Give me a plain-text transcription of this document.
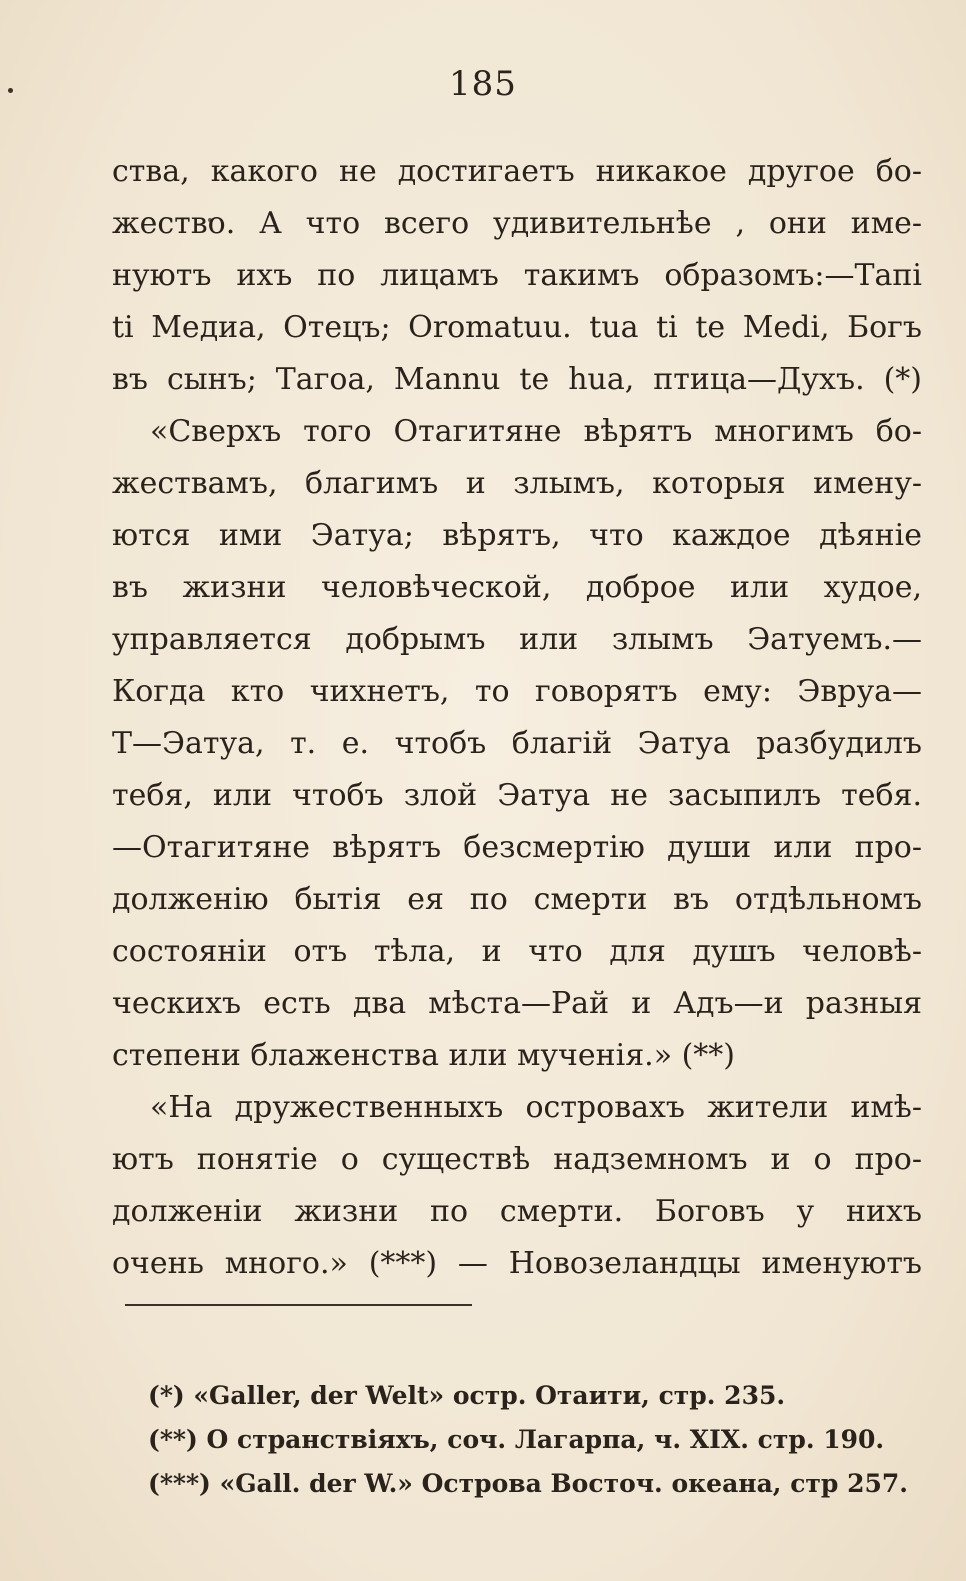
185
ства, какого не достигаетъ никакое другое бо-
жество. А что всего удивительнѣе , они име-
нуютъ ихъ по лицамъ такимъ образомъ:—Тапі
ti Mедиа, Отецъ; Oromatuu. tuа ti te Меdі, Богъ
въ сынъ; Тагоа, Маnnu te huа, птица—Духъ. (*)
«Сверхъ того Отагитяне вѣрятъ многимъ бо-
жествамъ, благимъ и злымъ, которыя имену-
ются ими Эатуа; вѣрятъ, что каждое дѣяніе
въ жизни человѣческой, доброе или худое,
управляется добрымъ или злымъ Эатуемъ.—
Когда кто чихнетъ, то говорятъ ему: Эвруа—
Т—Эатуа, т. е. чтобъ благій Эатуа разбудилъ
тебя, или чтобъ злой Эатуа не засыпилъ тебя.
—Отагитяне вѣрятъ безсмертію души или про-
долженію бытія ея по смерти въ отдѣльномъ
состояніи отъ тѣла, и что для душъ человѣ-
ческихъ есть два мѣста—Рай и Адъ—и разныя
степени блаженства или мученія.» (**)
«На дружественныхъ островахъ жители имѣ-
ютъ понятіе о существѣ надземномъ и о про-
долженіи жизни по смерти. Боговъ у нихъ
очень много.» (***) — Новозеландцы именуютъ
(*) «Galler, der Welt» остр. Отаити, стр. 235.
(**) О странствіяхъ, соч. Лагарпа, ч. XIX. стр. 190.
(***) «Gall. der W.» Острова Восточ. океана, стр 257.
